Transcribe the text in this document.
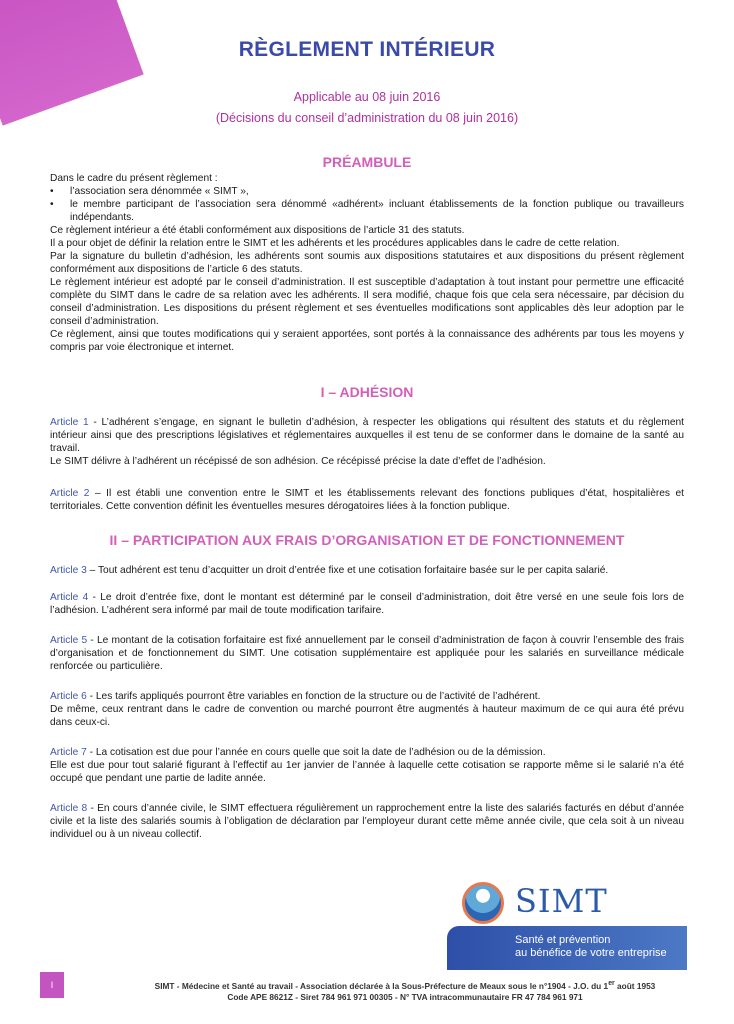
RÈGLEMENT INTÉRIEUR
Applicable au 08 juin 2016
(Décisions du conseil d’administration du 08 juin 2016)
PRÉAMBULE

Dans le cadre du présent règlement :

•	l’association sera dénommée « SIMT »,
•	le membre participant de l’association sera dénommé «adhérent» incluant établissements de la fonction publique ou travailleurs indépendants.

Ce règlement intérieur a été établi conformément aux dispositions de l’article 31 des statuts.

Il a pour objet de définir la relation entre le SIMT et les adhérents et les procédures applicables dans le cadre de cette relation.

Par la signature du bulletin d’adhésion, les adhérents sont soumis aux dispositions statutaires et aux dispositions du présent règlement conformément aux dispositions de l’article 6 des statuts.

Le règlement intérieur est adopté par le conseil d’administration. Il est susceptible d’adaptation à tout instant pour permettre une efficacité complète du SIMT dans le cadre de sa relation avec les adhérents. Il sera modifié, chaque fois que cela sera nécessaire, par décision du conseil d’administration. Les dispositions du présent règlement et ses éventuelles modifications sont applicables dès leur adoption par le conseil d’administration.

Ce règlement, ainsi que toutes modifications qui y seraient apportées, sont portés à la connaissance des adhérents par tous les moyens y compris par voie électronique et internet.

I – ADHÉSION

Article 1 - L’adhérent s’engage, en signant le bulletin d’adhésion, à respecter les obligations qui résultent des statuts et du règlement intérieur ainsi que des prescriptions législatives et réglementaires auxquelles il est tenu de se conformer dans le domaine de la santé au travail.

Le SIMT délivre à l’adhérent un récépissé de son adhésion. Ce récépissé précise la date d’effet de l’adhésion.

Article 2 – Il est établi une convention entre le SIMT et les établissements relevant des fonctions publiques d’état, hospitalières et territoriales. Cette convention définit les éventuelles mesures dérogatoires liées à la fonction publique.

II – PARTICIPATION AUX FRAIS D’ORGANISATION ET DE FONCTIONNEMENT

Article 3 – Tout adhérent est tenu d’acquitter un droit d’entrée fixe et une cotisation forfaitaire basée sur le per capita salarié.

Article 4 - Le droit d’entrée fixe, dont le montant est déterminé par le conseil d’administration, doit être versé en une seule fois lors de l’adhésion. L’adhérent sera informé par mail de toute modification tarifaire.

Article 5 - Le montant de la cotisation forfaitaire est fixé annuellement par le conseil d’administration de façon à couvrir l’ensemble des frais d’organisation et de fonctionnement du SIMT. Une cotisation supplémentaire est appliquée pour les salariés en surveillance médicale renforcée ou particulière.

Article 6 - Les tarifs appliqués pourront être variables en fonction de la structure ou de l’activité de l’adhérent.

De même, ceux rentrant dans le cadre de convention ou marché pourront être augmentés à hauteur maximum de ce qui aura été prévu dans ceux-ci.

Article 7 - La cotisation est due pour l’année en cours quelle que soit la date de l’adhésion ou de la démission.

Elle est due pour tout salarié figurant à l’effectif au 1er janvier de l’année à laquelle cette cotisation se rapporte même si le salarié n’a été occupé que pendant une partie de ladite année.

Article 8 - En cours d’année civile, le SIMT effectuera régulièrement un rapprochement entre la liste des salariés facturés en début d’année civile et la liste des salariés soumis à l’obligation de déclaration par l’employeur durant cette même année civile, que cela soit à un niveau individuel ou à un niveau collectif.

SIMT
Santé et prévention
au bénéfice de votre entreprise
I	SIMT - Médecine et Santé au travail - Association déclarée à la Sous-Préfecture de Meaux sous le n°1904 - J.O. du 1er août 1953
Code APE 8621Z - Siret 784 961 971 00305 - N° TVA intracommunautaire FR 47 784 961 971
